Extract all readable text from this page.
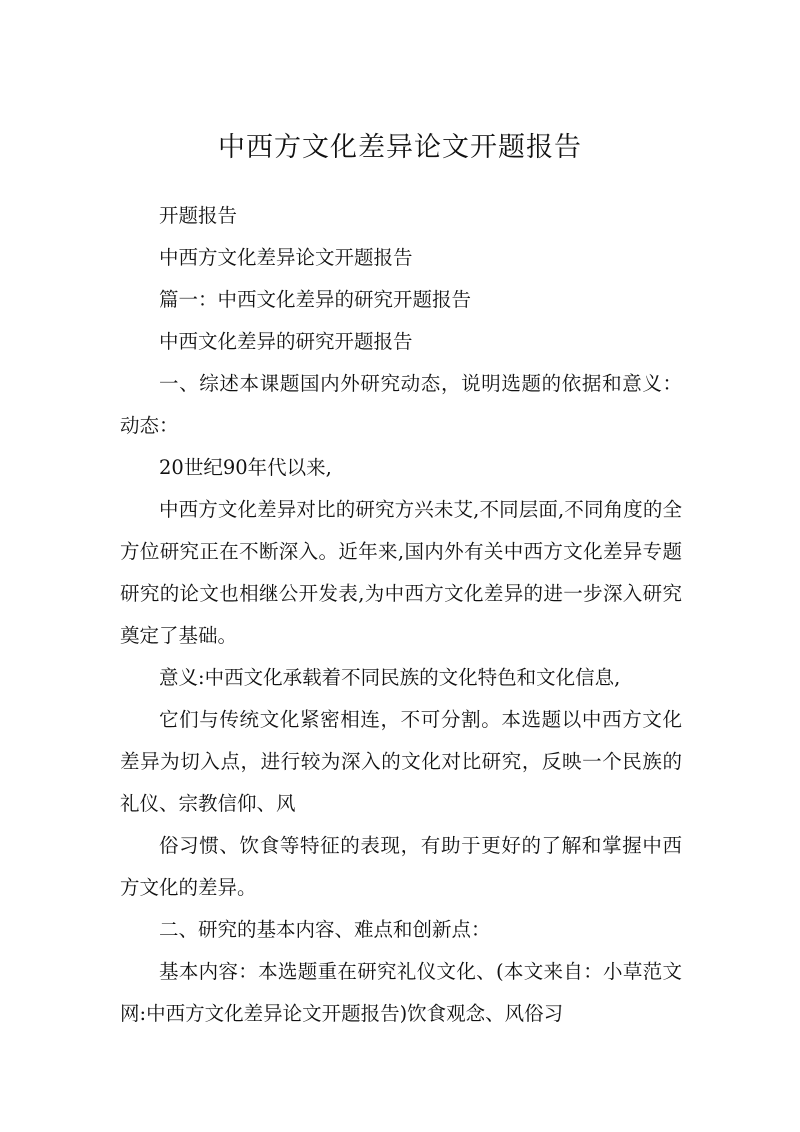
中西方文化差异论文开题报告

开题报告

中西方文化差异论文开题报告

篇一：中西文化差异的研究开题报告

中西文化差异的研究开题报告

一、综述本课题国内外研究动态，说明选题的依据和意义：动态：

20世纪90年代以来,

中西方文化差异对比的研究方兴未艾,不同层面,不同角度的全方位研究正在不断深入。近年来,国内外有关中西方文化差异专题研究的论文也相继公开发表,为中西方文化差异的进一步深入研究奠定了基础。

意义:中西文化承载着不同民族的文化特色和文化信息,

它们与传统文化紧密相连，不可分割。本选题以中西方文化差异为切入点，进行较为深入的文化对比研究，反映一个民族的礼仪、宗教信仰、风

俗习惯、饮食等特征的表现，有助于更好的了解和掌握中西方文化的差异。

二、研究的基本内容、难点和创新点：

基本内容：本选题重在研究礼仪文化、(本文来自：小草范文网:中西方文化差异论文开题报告)饮食观念、风俗习
